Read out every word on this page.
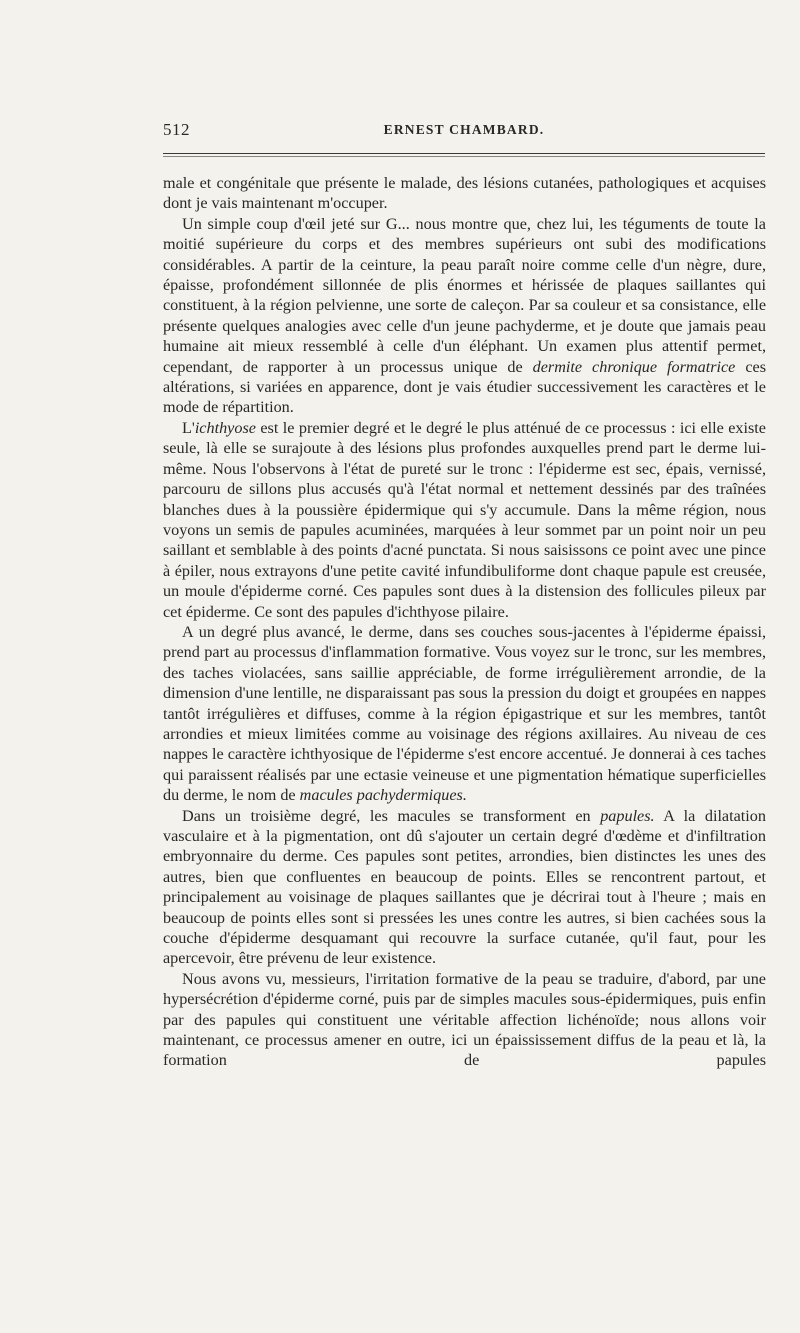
512	ERNEST CHAMBARD.

male et congénitale que présente le malade, des lésions cutanées, pathologiques et acquises dont je vais maintenant m'occuper.

Un simple coup d'œil jeté sur G... nous montre que, chez lui, les téguments de toute la moitié supérieure du corps et des membres supérieurs ont subi des modifications considérables. A partir de la ceinture, la peau paraît noire comme celle d'un nègre, dure, épaisse, profondément sillonnée de plis énormes et hérissée de plaques saillantes qui constituent, à la région pelvienne, une sorte de caleçon. Par sa couleur et sa consistance, elle présente quelques analogies avec celle d'un jeune pachyderme, et je doute que jamais peau humaine ait mieux ressemblé à celle d'un éléphant. Un examen plus attentif permet, cependant, de rapporter à un processus unique de dermite chronique formatrice ces altérations, si variées en apparence, dont je vais étudier successivement les caractères et le mode de répartition.

L'ichthyose est le premier degré et le degré le plus atténué de ce processus : ici elle existe seule, là elle se surajoute à des lésions plus profondes auxquelles prend part le derme lui-même. Nous l'observons à l'état de pureté sur le tronc : l'épiderme est sec, épais, vernissé, parcouru de sillons plus accusés qu'à l'état normal et nettement dessinés par des traînées blanches dues à la poussière épidermique qui s'y accumule. Dans la même région, nous voyons un semis de papules acuminées, marquées à leur sommet par un point noir un peu saillant et semblable à des points d'acné punctata. Si nous saisissons ce point avec une pince à épiler, nous extrayons d'une petite cavité infundibuliforme dont chaque papule est creusée, un moule d'épiderme corné. Ces papules sont dues à la distension des follicules pileux par cet épiderme. Ce sont des papules d'ichthyose pilaire.

A un degré plus avancé, le derme, dans ses couches sous-jacentes à l'épiderme épaissi, prend part au processus d'inflammation formative. Vous voyez sur le tronc, sur les membres, des taches violacées, sans saillie appréciable, de forme irrégulièrement arrondie, de la dimension d'une lentille, ne disparaissant pas sous la pression du doigt et groupées en nappes tantôt irrégulières et diffuses, comme à la région épigastrique et sur les membres, tantôt arrondies et mieux limitées comme au voisinage des régions axillaires. Au niveau de ces nappes le caractère ichthyosique de l'épiderme s'est encore accentué. Je donnerai à ces taches qui paraissent réalisés par une ectasie veineuse et une pigmentation hématique superficielles du derme, le nom de macules pachydermiques.

Dans un troisième degré, les macules se transforment en papules. A la dilatation vasculaire et à la pigmentation, ont dû s'ajouter un certain degré d'œdème et d'infiltration embryonnaire du derme. Ces papules sont petites, arrondies, bien distinctes les unes des autres, bien que confluentes en beaucoup de points. Elles se rencontrent partout, et principalement au voisinage de plaques saillantes que je décrirai tout à l'heure ; mais en beaucoup de points elles sont si pressées les unes contre les autres, si bien cachées sous la couche d'épiderme desquamant qui recouvre la surface cutanée, qu'il faut, pour les apercevoir, être prévenu de leur existence.

Nous avons vu, messieurs, l'irritation formative de la peau se traduire, d'abord, par une hypersécrétion d'épiderme corné, puis par de simples macules sous-épidermiques, puis enfin par des papules qui constituent une véritable affection lichénoïde; nous allons voir maintenant, ce processus amener en outre, ici un épaississement diffus de la peau et là, la formation de papules
